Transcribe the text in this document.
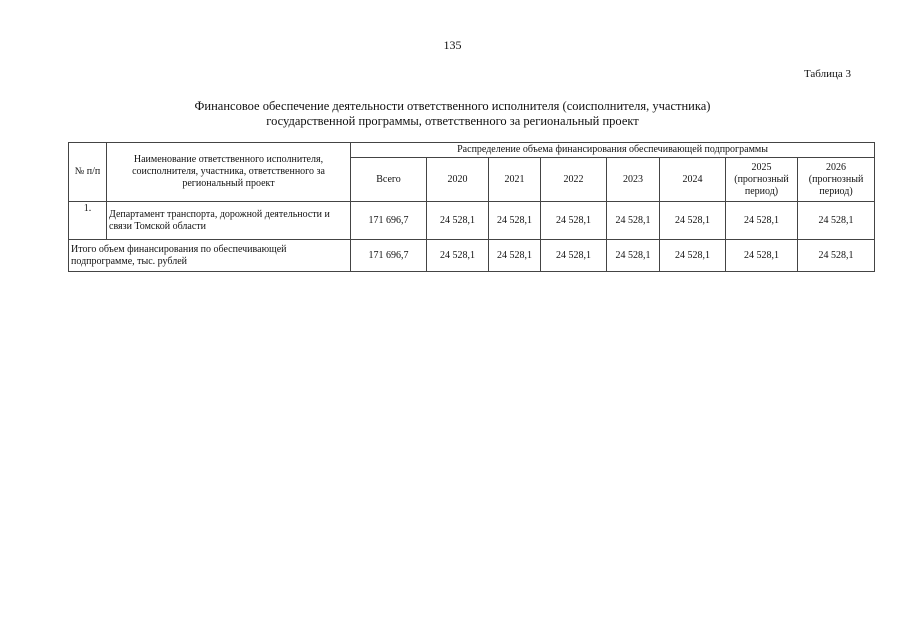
135
Таблица 3
Финансовое обеспечение деятельности ответственного исполнителя (соисполнителя, участника)
государственной программы, ответственного за региональный проект
№ п/п	Наименование ответственного исполнителя, соисполнителя, участника, ответственного за региональный проект	Распределение объема финансирования обеспечивающей подпрограммы							
		Всего	2020	2021	2022	2023	2024	2025 (прогнозный период)	2026 (прогнозный период)
1.	Департамент транспорта, дорожной деятельности и связи Томской области	171 696,7	24 528,1	24 528,1	24 528,1	24 528,1	24 528,1	24 528,1	24 528,1
Итого объем финансирования по обеспечивающей подпрограмме, тыс. рублей		171 696,7	24 528,1	24 528,1	24 528,1	24 528,1	24 528,1	24 528,1	24 528,1
